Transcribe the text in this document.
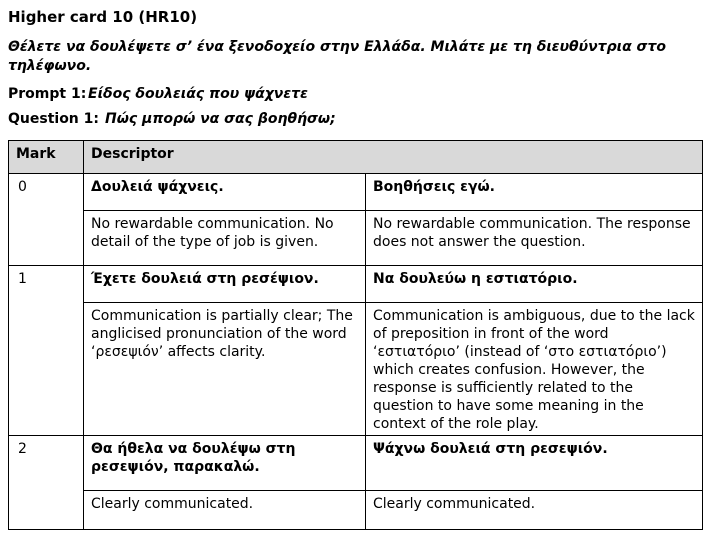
Higher card 10 (HR10)
Θέλετε να δουλέψετε σ’ ένα ξενοδοχείο στην Ελλάδα. Μιλάτε με τη διευθύντρια στο τηλέφωνο.
Prompt 1: Είδος δουλειάς που ψάχνετε
Question 1: Πώς μπορώ να σας βοηθήσω;
Mark	Descriptor	
0	Δουλειά ψάχνεις.	Βοηθήσεις εγώ.
	No rewardable communication. No detail of the type of job is given.	No rewardable communication. The response does not answer the question.
1	Έχετε δουλειά στη ρεσέψιον.	Να δουλεύω η εστιατόριο.
	Communication is partially clear; The anglicised pronunciation of the word ‘ρεσεψιόν’ affects clarity.	Communication is ambiguous, due to the lack of preposition in front of the word ‘εστιατόριο’ (instead of ‘στο εστιατόριο’) which creates confusion. However, the response is sufficiently related to the question to have some meaning in the context of the role play.
2	Θα ήθελα να δουλέψω στη ρεσεψιόν, παρακαλώ.	Ψάχνω δουλειά στη ρεσεψιόν.
	Clearly communicated.	Clearly communicated.
